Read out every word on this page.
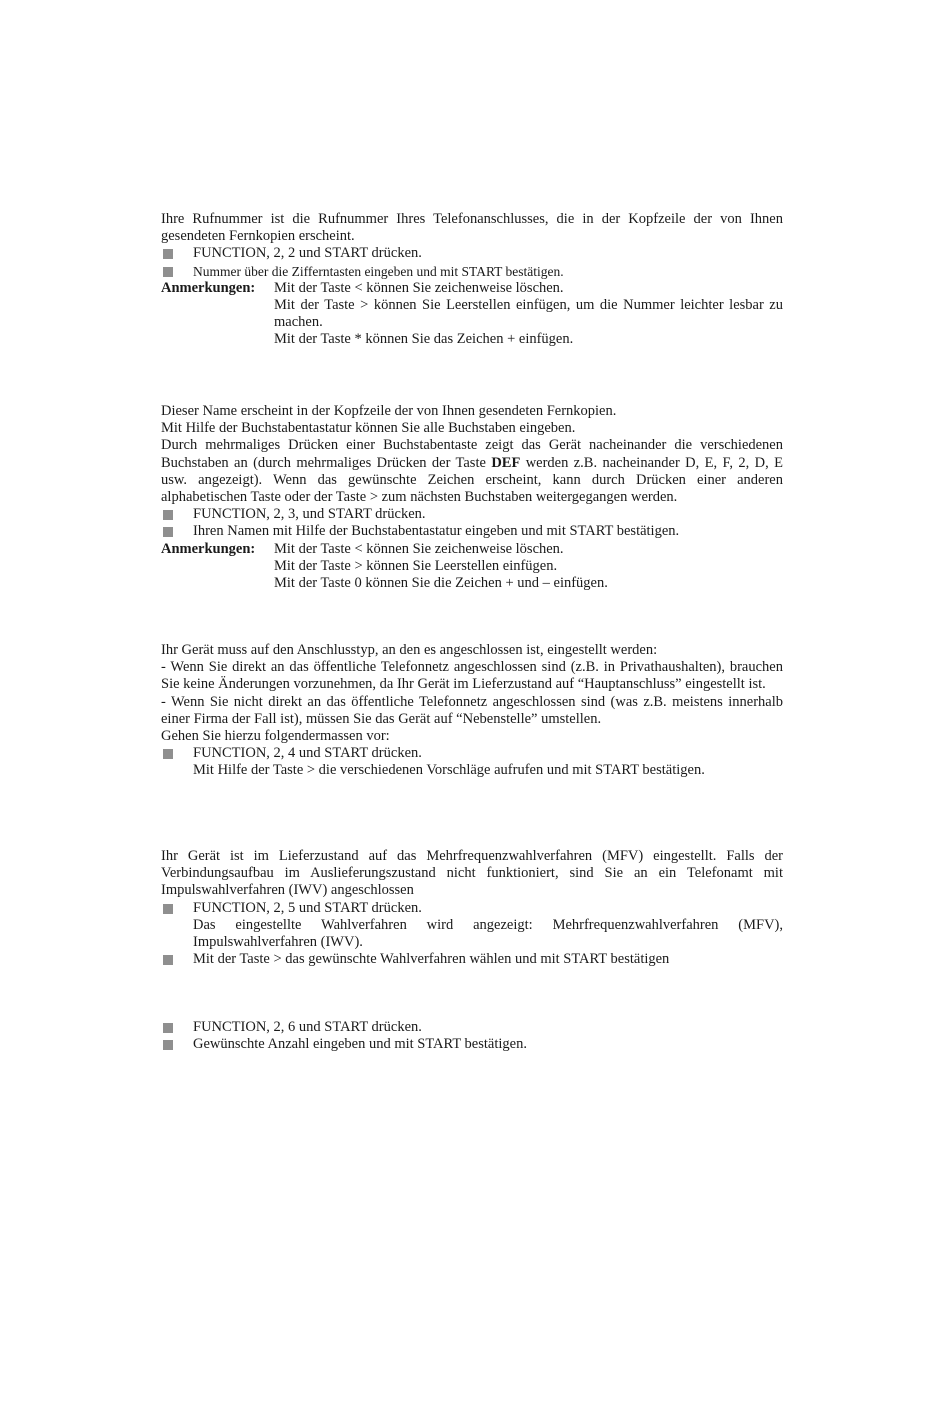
Ihre Rufnummer ist die Rufnummer Ihres Telefonanschlusses, die in der Kopfzeile der von Ihnen gesendeten Fernkopien erscheint.

FUNCTION, 2, 2 und START drücken.

Nummer über die Zifferntasten eingeben und mit START bestätigen.

Anmerkungen:	Mit der Taste < können Sie zeichenweise löschen.
Mit der Taste > können Sie Leerstellen einfügen, um die Nummer leichter lesbar zu machen.
Mit der Taste * können Sie das Zeichen + einfügen.

Dieser Name erscheint in der Kopfzeile der von Ihnen gesendeten Fernkopien.

Mit Hilfe der Buchstabentastatur können Sie alle Buchstaben eingeben.

Durch mehrmaliges Drücken einer Buchstabentaste zeigt das Gerät nacheinander die verschiedenen Buchstaben an (durch mehrmaliges Drücken der Taste DEF werden z.B. nacheinander D, E, F, 2, D, E usw. angezeigt). Wenn das gewünschte Zeichen erscheint, kann durch Drücken einer anderen alphabetischen Taste oder der Taste > zum nächsten Buchstaben weitergegangen werden.

FUNCTION, 2, 3, und START drücken.

Ihren Namen mit Hilfe der Buchstabentastatur eingeben und mit START bestätigen.

Anmerkungen:	Mit der Taste < können Sie zeichenweise löschen.
Mit der Taste > können Sie Leerstellen einfügen.
Mit der Taste 0 können Sie die Zeichen + und – einfügen.

Ihr Gerät muss auf den Anschlusstyp, an den es angeschlossen ist, eingestellt werden:

- Wenn Sie direkt an das öffentliche Telefonnetz angeschlossen sind (z.B. in Privathaushalten), brauchen Sie keine Änderungen vorzunehmen, da Ihr Gerät im Lieferzustand auf “Hauptanschluss” eingestellt ist.

- Wenn Sie nicht direkt an das öffentliche Telefonnetz angeschlossen sind (was z.B. meistens innerhalb einer Firma der Fall ist), müssen Sie das Gerät auf “Nebenstelle” umstellen.

Gehen Sie hierzu folgendermassen vor:

FUNCTION, 2, 4 und START drücken.

Mit Hilfe der Taste > die verschiedenen Vorschläge aufrufen und mit START bestätigen.

Ihr Gerät ist im Lieferzustand auf das Mehrfrequenzwahlverfahren (MFV) eingestellt. Falls der Verbindungsaufbau im Auslieferungszustand nicht funktioniert, sind Sie an ein Telefonamt mit Impulswahlverfahren (IWV) angeschlossen

FUNCTION, 2, 5 und START drücken.

Das eingestellte Wahlverfahren wird angezeigt: Mehrfrequenzwahlverfahren (MFV), Impulswahlverfahren (IWV).

Mit der Taste > das gewünschte Wahlverfahren wählen und mit START bestätigen

FUNCTION, 2, 6 und START drücken.

Gewünschte Anzahl eingeben und mit START bestätigen.
